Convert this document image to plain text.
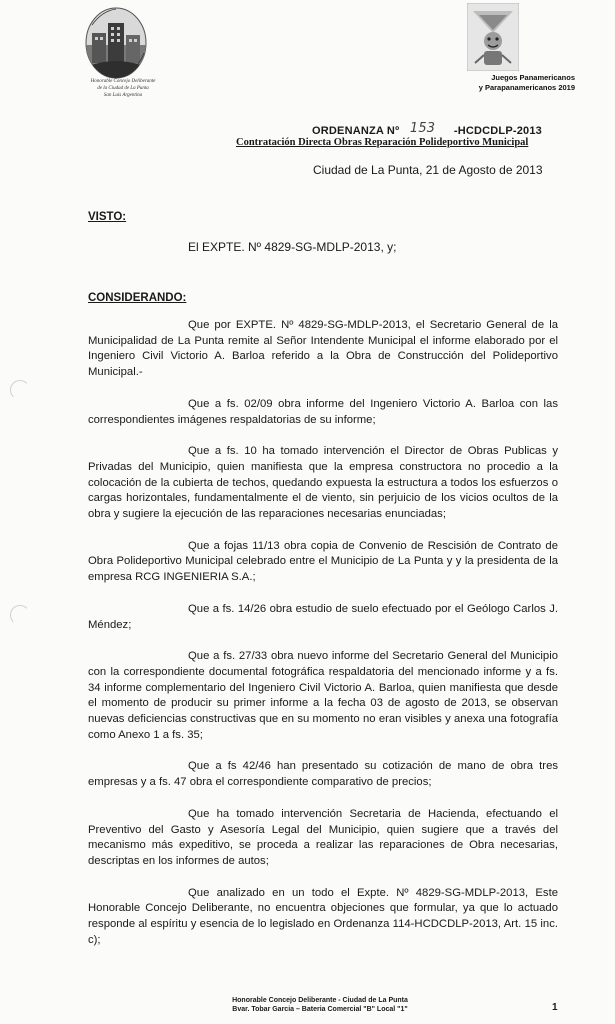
Honorable Concejo Deliberante
de la Ciudad de La Punta
San Luis Argentina
Juegos Panamericanos
y Parapanamericanos 2019
ORDENANZA Nº 153 -HCDCDLP-2013
Contratación Directa Obras Reparación Polideportivo Municipal
Ciudad de La Punta, 21 de Agosto de 2013
VISTO:
El EXPTE. Nº 4829-SG-MDLP-2013, y;
CONSIDERANDO:

Que por EXPTE. Nº 4829-SG-MDLP-2013, el Secretario General de la Municipalidad de La Punta remite al Señor Intendente Municipal el informe elaborado por el Ingeniero Civil Victorio A. Barloa referido a la Obra de Construcción del Polideportivo Municipal.-

Que a fs. 02/09 obra informe del Ingeniero Victorio A. Barloa con las correspondientes imágenes respaldatorias de su informe;

Que a fs. 10 ha tomado intervención el Director de Obras Publicas y Privadas del Municipio, quien manifiesta que la empresa constructora no procedio a la colocación de la cubierta de techos, quedando expuesta la estructura a todos los esfuerzos o cargas horizontales, fundamentalmente el de viento, sin perjuicio de los vicios ocultos de la obra y sugiere la ejecución de las reparaciones necesarias enunciadas;

Que a fojas 11/13 obra copia de Convenio de Rescisión de Contrato de Obra Polideportivo Municipal celebrado entre el Municipio de La Punta y y la presidenta de la empresa RCG INGENIERIA S.A.;

Que a fs. 14/26 obra estudio de suelo efectuado por el Geólogo Carlos J. Méndez;

Que a fs. 27/33 obra nuevo informe del Secretario General del Municipio con la correspondiente documental fotográfica respaldatoria del mencionado informe y a fs. 34 informe complementario del Ingeniero Civil Victorio A. Barloa, quien manifiesta que desde el momento de producir su primer informe a la fecha 03 de agosto de 2013, se observan nuevas deficiencias constructivas que en su momento no eran visibles y anexa una fotografía como Anexo 1 a fs. 35;

Que a fs 42/46 han presentado su cotización de mano de obra tres empresas y a fs. 47 obra el correspondiente comparativo de precios;

Que ha tomado intervención Secretaria de Hacienda, efectuando el Preventivo del Gasto y Asesoría Legal del Municipio, quien sugiere que a través del mecanismo más expeditivo, se proceda a realizar las reparaciones de Obra necesarias, descriptas en los informes de autos;

Que analizado en un todo el Expte. Nº 4829-SG-MDLP-2013, Este Honorable Concejo Deliberante, no encuentra objeciones que formular, ya que lo actuado responde al espíritu y esencia de lo legislado en Ordenanza 114-HCDCDLP-2013, Art. 15 inc. c);

Honorable Concejo Deliberante - Ciudad de La Punta
Bvar. Tobar Garcia – Bateria Comercial "B" Local "1"	1
